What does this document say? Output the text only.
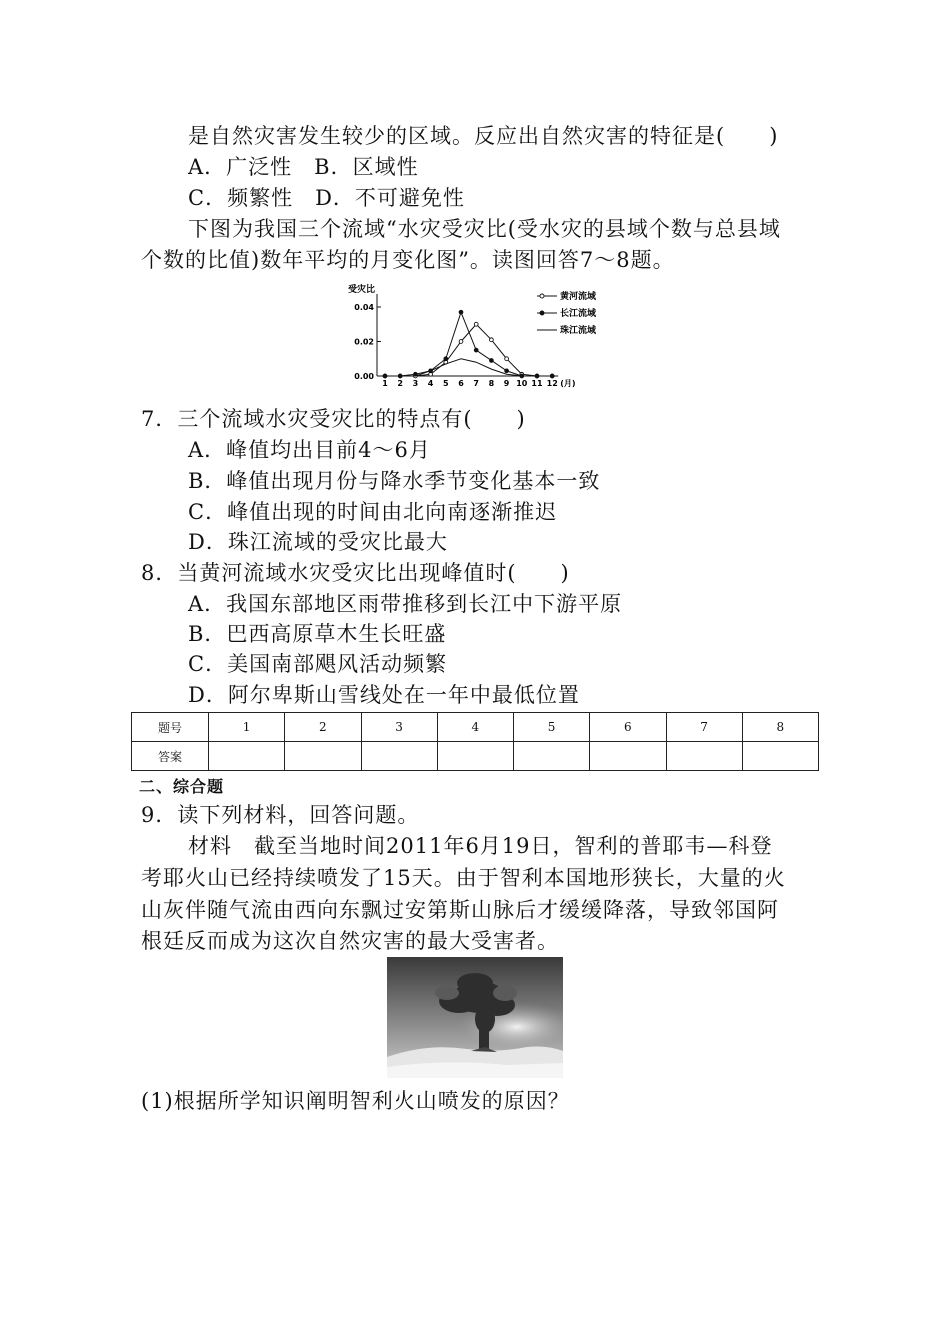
是自然灾害发生较少的区域。反应出自然灾害的特征是(　　)
A．广泛性　B．区域性
C．频繁性　D．不可避免性
下图为我国三个流域“水灾受灾比(受水灾的县域个数与总县域
个数的比值)数年平均的月变化图”。读图回答7～8题。
受灾比
0.04
0.02
0.00
1 2 3 4 5 6 7 8 9 10 11 12 (月)
黄河流域
长江流域
珠江流域
7．三个流域水灾受灾比的特点有(　　)
A．峰值均出目前4～6月
B．峰值出现月份与降水季节变化基本一致
C．峰值出现的时间由北向南逐渐推迟
D．珠江流域的受灾比最大
8．当黄河流域水灾受灾比出现峰值时(　　)
A．我国东部地区雨带推移到长江中下游平原
B．巴西高原草木生长旺盛
C．美国南部飓风活动频繁
D．阿尔卑斯山雪线处在一年中最低位置
题号	1	2	3	4	5	6	7	8
答案								
二、综合题
9．读下列材料，回答问题。
材料　截至当地时间2011年6月19日，智利的普耶韦—科登
考耶火山已经持续喷发了15天。由于智利本国地形狭长，大量的火
山灰伴随气流由西向东飘过安第斯山脉后才缓缓降落，导致邻国阿
根廷反而成为这次自然灾害的最大受害者。
(1)根据所学知识阐明智利火山喷发的原因？
